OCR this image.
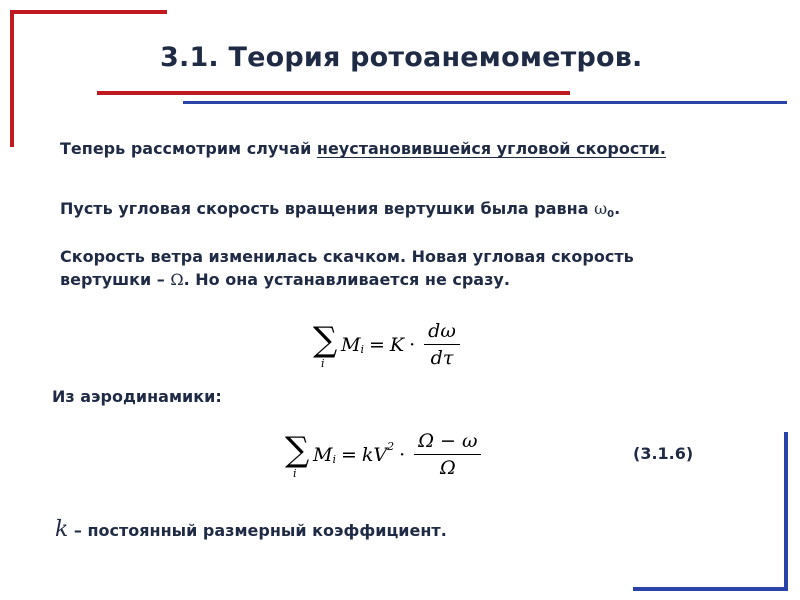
3.1. Теория ротоанемометров.
Теперь рассмотрим случай неустановившейся угловой скорости.
Пусть угловая скорость вращения вертушки была равна ω0.
Скорость ветра изменилась скачком. Новая угловая скорость
вертушки – Ω. Но она устанавливается не сразу.
∑
i
M $i = K \cdot \frac{d\omega}{d\tau}$
Из аэродинамики:
∑
i
M i = kV $2 \cdot \frac{\Omega - \omega}{\Omega}$	(3.1.6)
k – постоянный размерный коэффициент.
